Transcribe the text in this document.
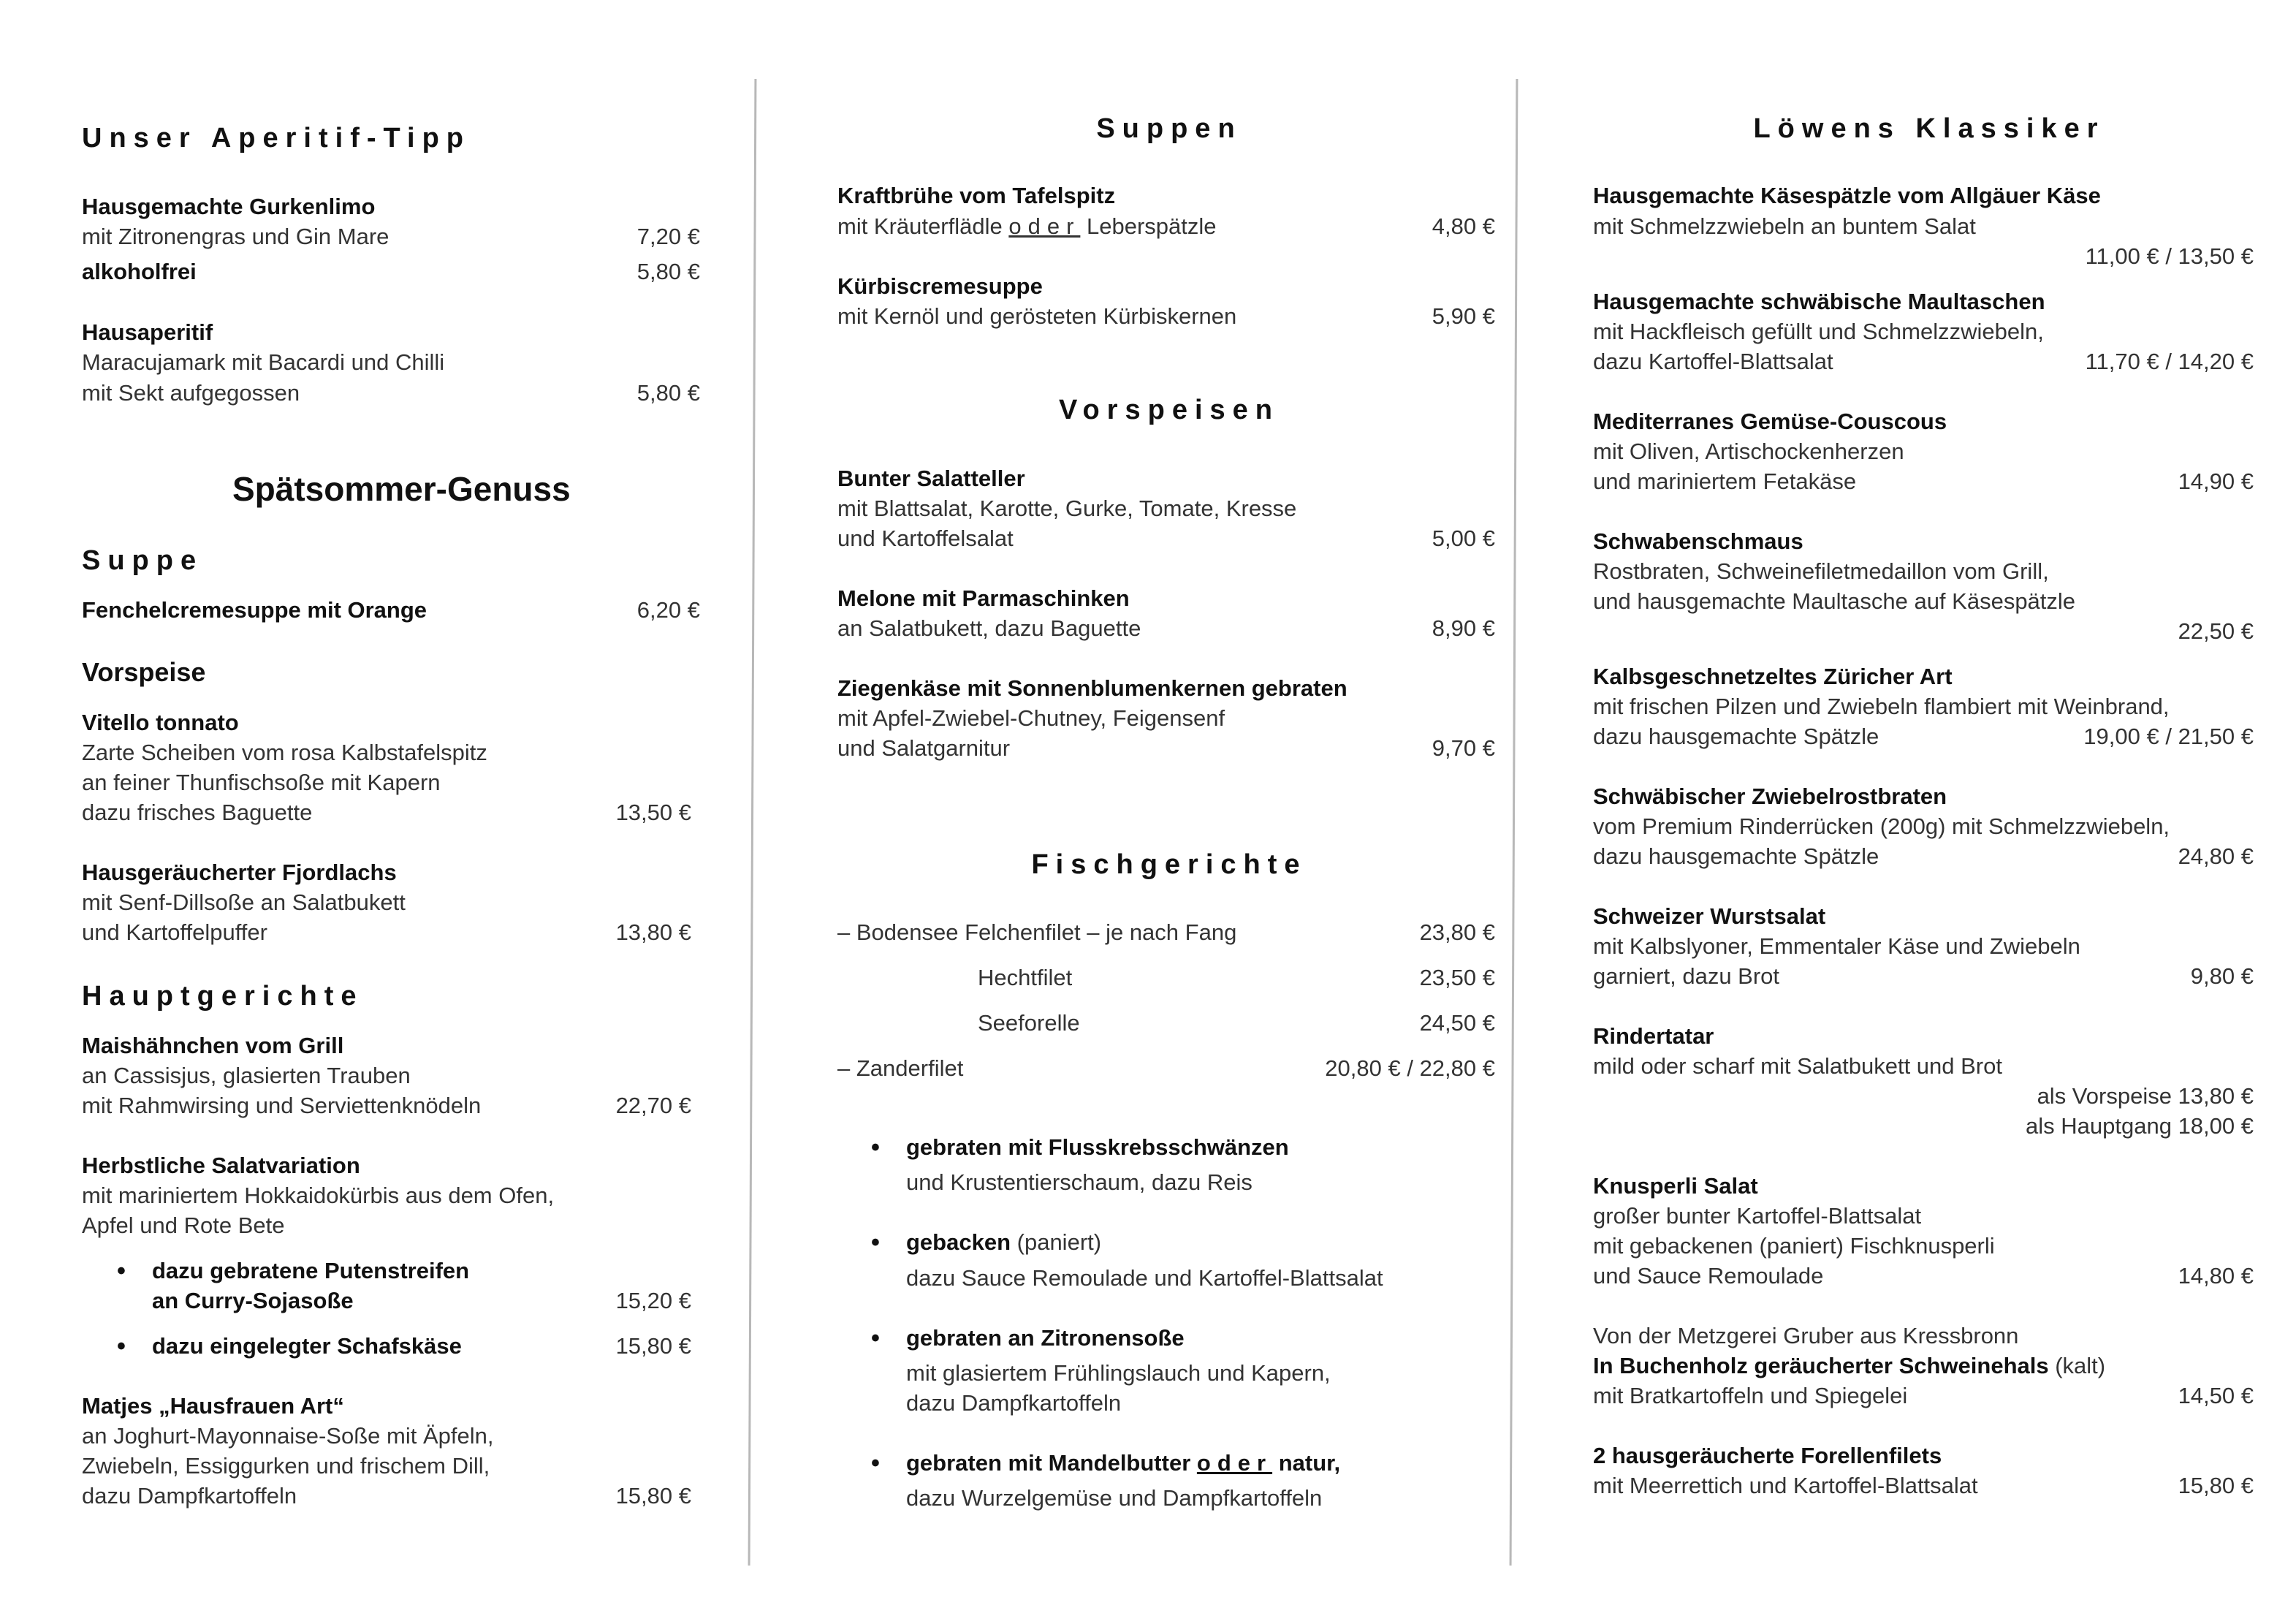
Unser Aperitif-Tipp
Hausgemachte Gurkenlimo
mit Zitronengras und Gin Mare	7,20 €
alkoholfrei	5,80 €
Hausaperitif
Maracujamark mit Bacardi und Chilli
mit Sekt aufgegossen	5,80 €
Spätsommer-Genuss
Suppe
Fenchelcremesuppe mit Orange	6,20 €
Vorspeise
Vitello tonnato
Zarte Scheiben vom rosa Kalbstafelspitz
an feiner Thunfischsoße mit Kapern
dazu frisches Baguette	13,50 €
Hausgeräucherter Fjordlachs
mit Senf-Dillsoße an Salatbukett
und Kartoffelpuffer	13,80 €
Hauptgerichte
Maishähnchen vom Grill
an Cassisjus, glasierten Trauben
mit Rahmwirsing und Serviettenknödeln	22,70 €
Herbstliche Salatvariation
mit mariniertem Hokkaidokürbis aus dem Ofen,
Apfel und Rote Bete
• dazu gebratene Putenstreifen
an Curry-Sojasoße	15,20 €
• dazu eingelegter Schafskäse	15,80 €
Matjes „Hausfrauen Art“
an Joghurt-Mayonnaise-Soße mit Äpfeln,
Zwiebeln, Essiggurken und frischem Dill,
dazu Dampfkartoffeln	15,80 €
Suppen
Kraftbrühe vom Tafelspitz
mit Kräuterflädle oder Leberspätzle	4,80 €
Kürbiscremesuppe
mit Kernöl und gerösteten Kürbiskernen	5,90 €
Vorspeisen
Bunter Salatteller
mit Blattsalat, Karotte, Gurke, Tomate, Kresse
und Kartoffelsalat	5,00 €
Melone mit Parmaschinken
an Salatbukett, dazu Baguette	8,90 €
Ziegenkäse mit Sonnenblumenkernen gebraten
mit Apfel-Zwiebel-Chutney, Feigensenf
und Salatgarnitur	9,70 €
Fischgerichte
– Bodensee Felchenfilet – je nach Fang	23,80 €
Hechtfilet	23,50 €
Seeforelle	24,50 €
– Zanderfilet	20,80 € / 22,80 €
• gebraten mit Flusskrebsschwänzen
und Krustentierschaum, dazu Reis
• gebacken (paniert)
dazu Sauce Remoulade und Kartoffel-Blattsalat
• gebraten an Zitronensoße
mit glasiertem Frühlingslauch und Kapern,
dazu Dampfkartoffeln
• gebraten mit Mandelbutter oder natur,
dazu Wurzelgemüse und Dampfkartoffeln
Löwens Klassiker
Hausgemachte Käsespätzle vom Allgäuer Käse
mit Schmelzzwiebeln an buntem Salat
11,00 € / 13,50 €
Hausgemachte schwäbische Maultaschen
mit Hackfleisch gefüllt und Schmelzzwiebeln,
dazu Kartoffel-Blattsalat	11,70 € / 14,20 €
Mediterranes Gemüse-Couscous
mit Oliven, Artischockenherzen
und mariniertem Fetakäse	14,90 €
Schwabenschmaus
Rostbraten, Schweinefiletmedaillon vom Grill,
und hausgemachte Maultasche auf Käsespätzle
22,50 €
Kalbsgeschnetzeltes Züricher Art
mit frischen Pilzen und Zwiebeln flambiert mit Weinbrand,
dazu hausgemachte Spätzle	19,00 € / 21,50 €
Schwäbischer Zwiebelrostbraten
vom Premium Rinderrücken (200g) mit Schmelzzwiebeln,
dazu hausgemachte Spätzle	24,80 €
Schweizer Wurstsalat
mit Kalbslyoner, Emmentaler Käse und Zwiebeln
garniert, dazu Brot	9,80 €
Rindertatar
mild oder scharf mit Salatbukett und Brot
als Vorspeise 13,80 €
als Hauptgang 18,00 €
Knusperli Salat
großer bunter Kartoffel-Blattsalat
mit gebackenen (paniert) Fischknusperli
und Sauce Remoulade	14,80 €
Von der Metzgerei Gruber aus Kressbronn
In Buchenholz geräucherter Schweinehals (kalt)
mit Bratkartoffeln und Spiegelei	14,50 €
2 hausgeräucherte Forellenfilets
mit Meerrettich und Kartoffel-Blattsalat	15,80 €
